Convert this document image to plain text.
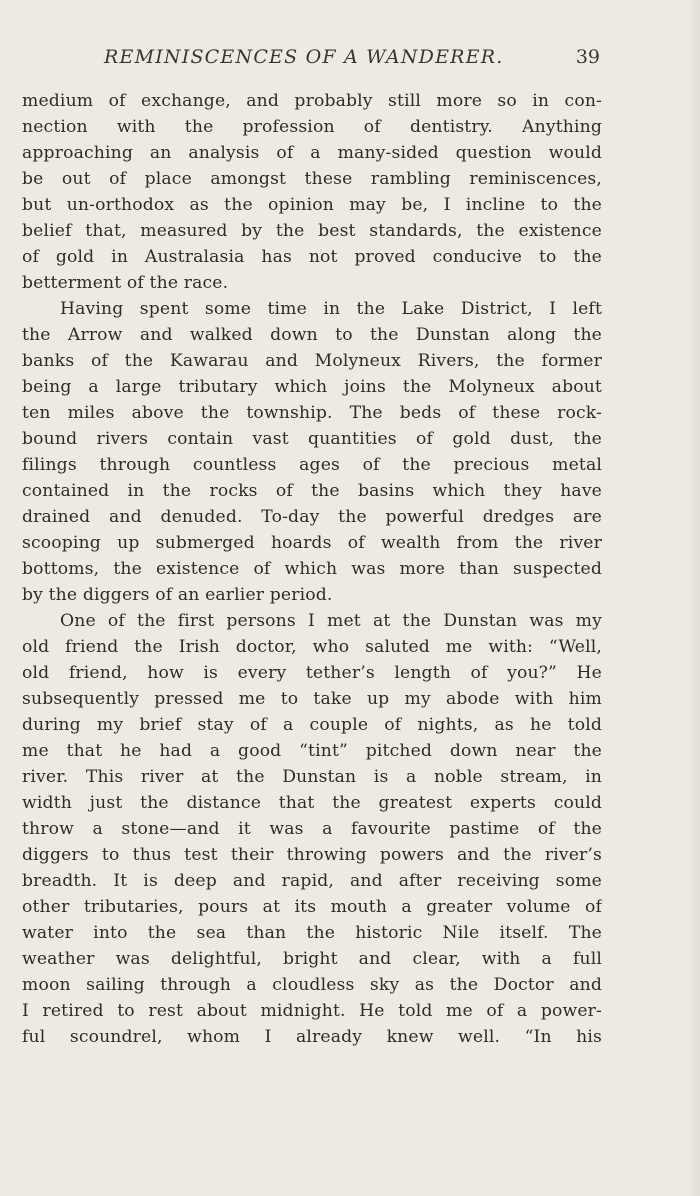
REMINISCENCES OF A WANDERER.	39

medium of exchange, and probably still more so in con-
nection with the profession of dentistry. Anything
approaching an analysis of a many-sided question would
be out of place amongst these rambling reminiscences,
but un-orthodox as the opinion may be, I incline to the
belief that, measured by the best standards, the existence
of gold in Australasia has not proved conducive to the
betterment of the race.

Having spent some time in the Lake District, I left
the Arrow and walked down to the Dunstan along the
banks of the Kawarau and Molyneux Rivers, the former
being a large tributary which joins the Molyneux about
ten miles above the township. The beds of these rock-
bound rivers contain vast quantities of gold dust, the
filings through countless ages of the precious metal
contained in the rocks of the basins which they have
drained and denuded. To-day the powerful dredges are
scooping up submerged hoards of wealth from the river
bottoms, the existence of which was more than suspected
by the diggers of an earlier period.

One of the first persons I met at the Dunstan was my
old friend the Irish doctor, who saluted me with: “Well,
old friend, how is every tether’s length of you?” He
subsequently pressed me to take up my abode with him
during my brief stay of a couple of nights, as he told
me that he had a good “tint” pitched down near the
river. This river at the Dunstan is a noble stream, in
width just the distance that the greatest experts could
throw a stone—and it was a favourite pastime of the
diggers to thus test their throwing powers and the river’s
breadth. It is deep and rapid, and after receiving some
other tributaries, pours at its mouth a greater volume of
water into the sea than the historic Nile itself. The
weather was delightful, bright and clear, with a full
moon sailing through a cloudless sky as the Doctor and
I retired to rest about midnight. He told me of a power-
ful scoundrel, whom I already knew well. “In his
